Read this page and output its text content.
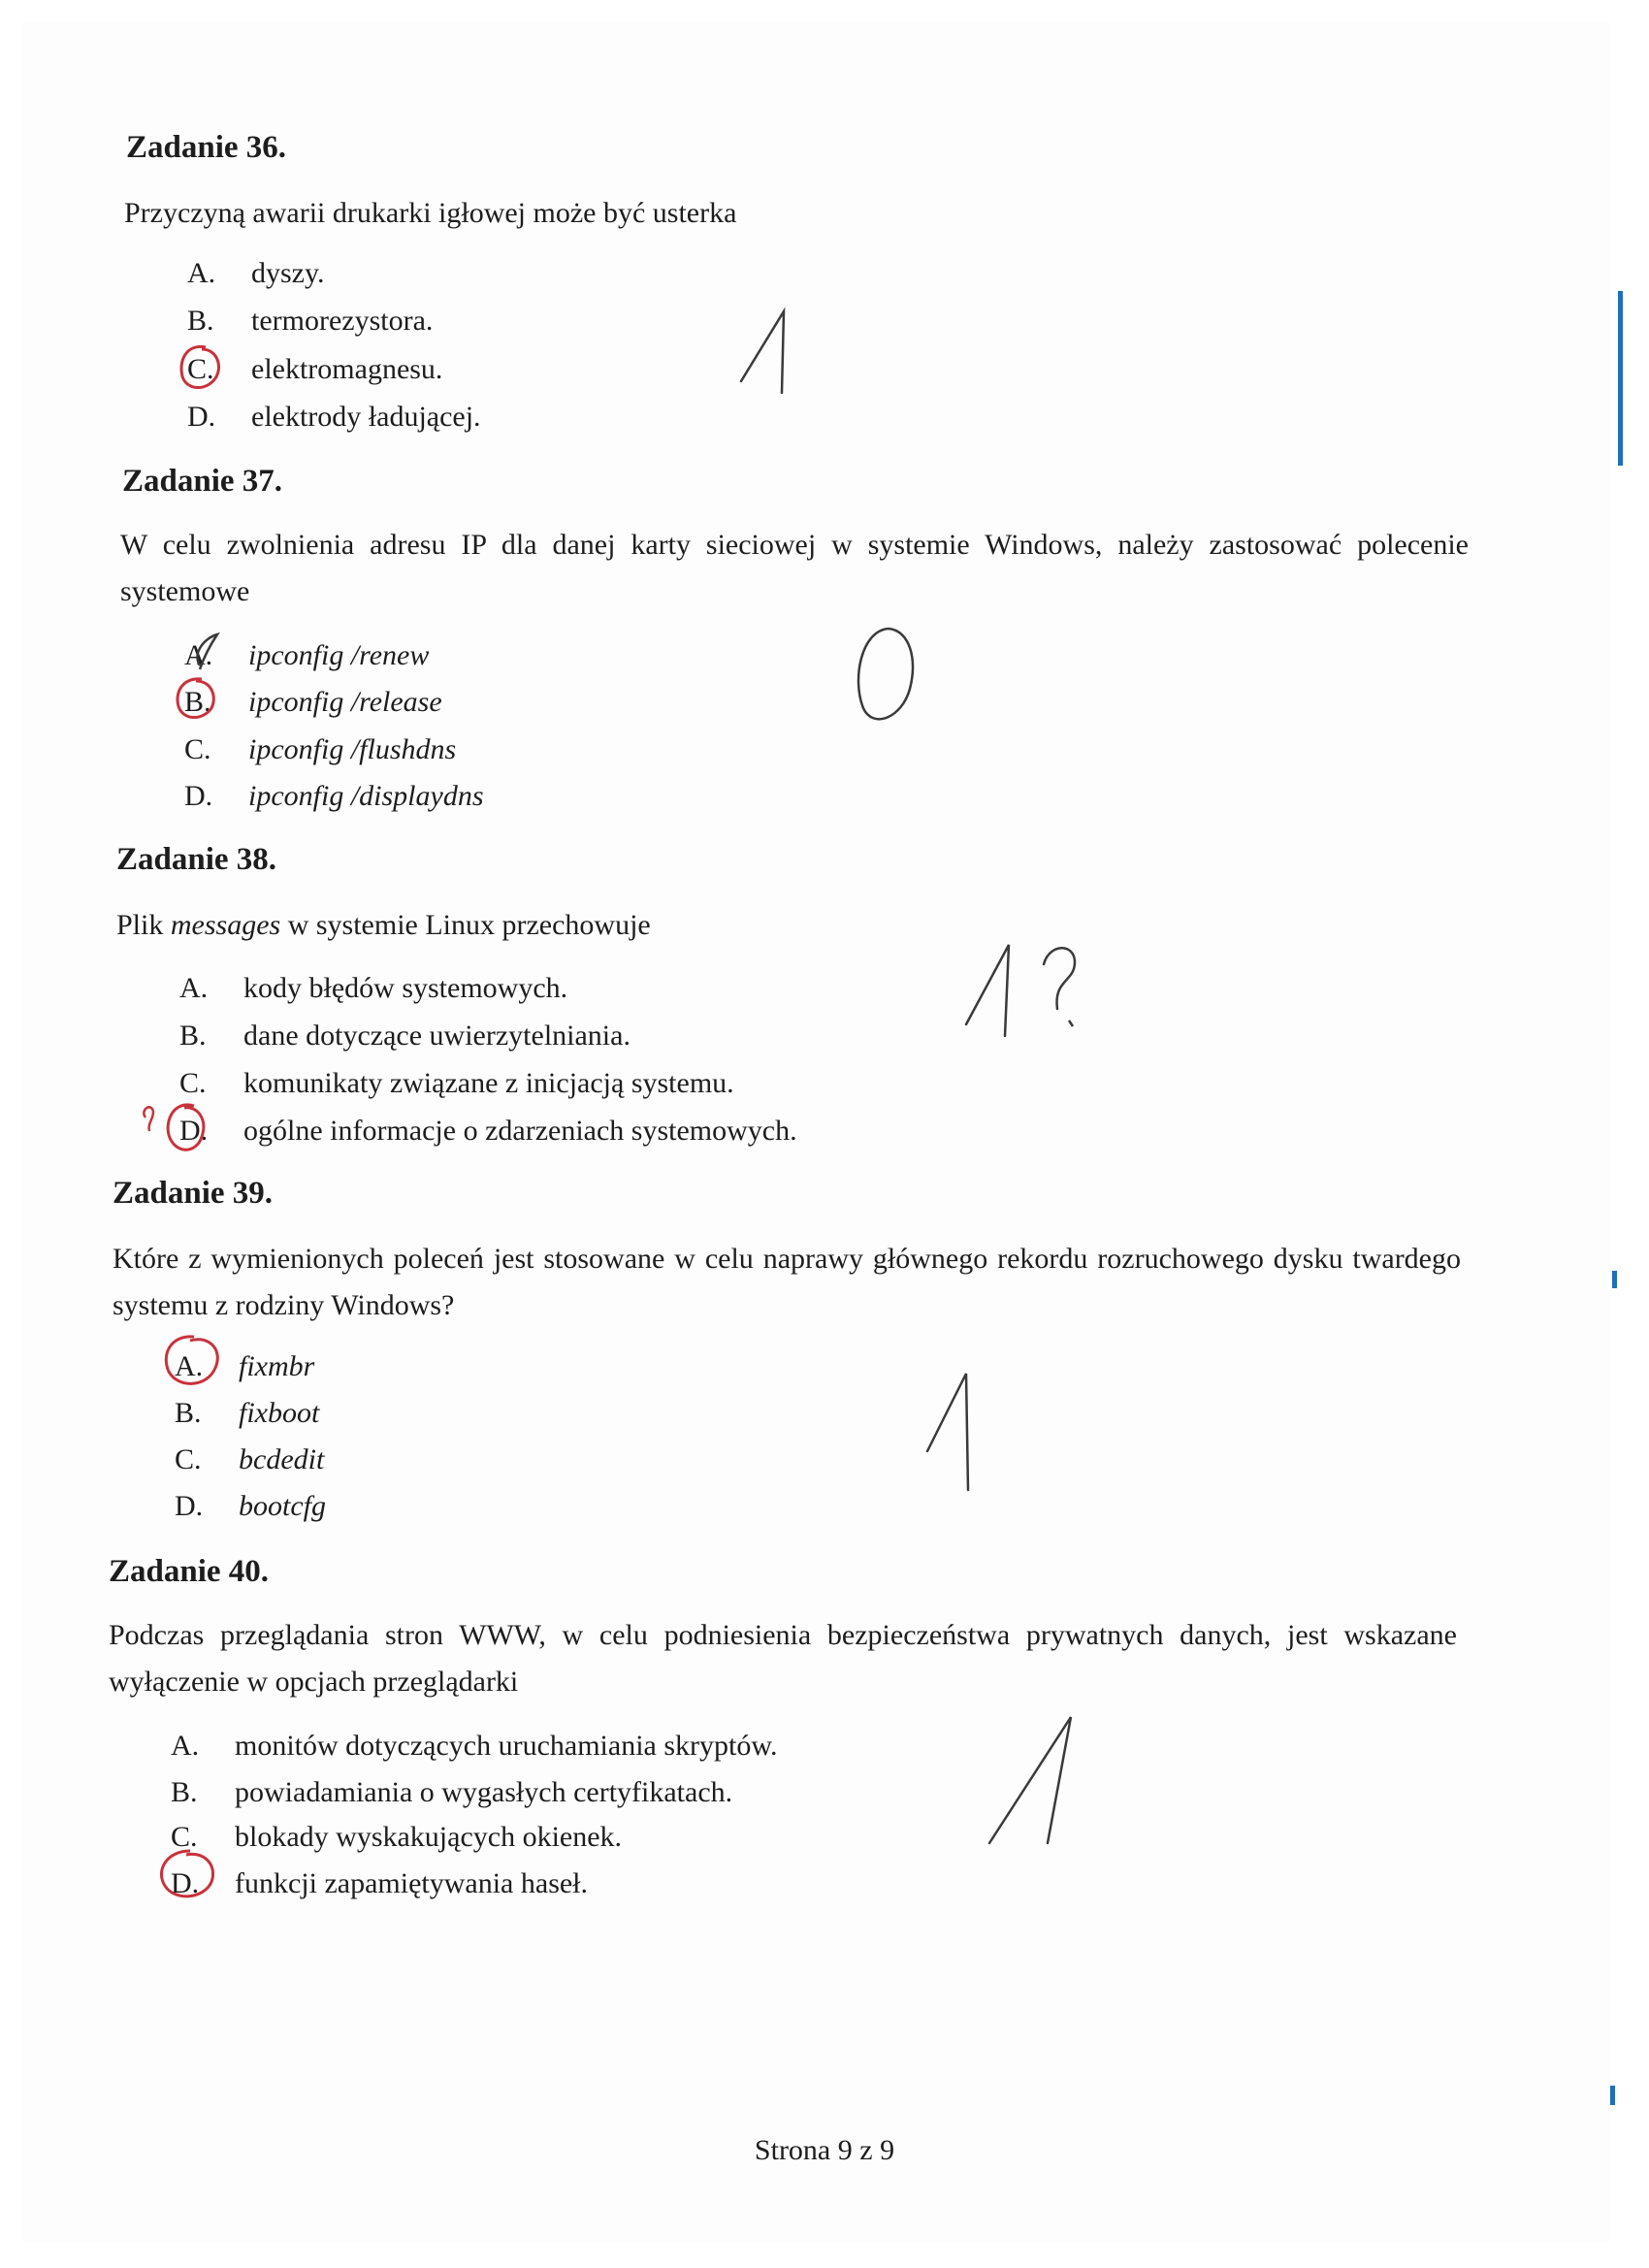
Zadanie 36.
Przyczyną awarii drukarki igłowej może być usterka
A.	dyszy.
B.	termorezystora.
C.	elektromagnesu.
D.	elektrody ładującej.
Zadanie 37.
W celu zwolnienia adresu IP dla danej karty sieciowej w systemie Windows, należy zastosować polecenie systemowe
A.	ipconfig /renew
B.	ipconfig /release
C.	ipconfig /flushdns
D.	ipconfig /displaydns
Zadanie 38.
Plik messages w systemie Linux przechowuje
A.	kody błędów systemowych.
B.	dane dotyczące uwierzytelniania.
C.	komunikaty związane z inicjacją systemu.
D.	ogólne informacje o zdarzeniach systemowych.
Zadanie 39.
Które z wymienionych poleceń jest stosowane w celu naprawy głównego rekordu rozruchowego dysku twardego systemu z rodziny Windows?
A.	fixmbr
B.	fixboot
C.	bcdedit
D.	bootcfg
Zadanie 40.
Podczas przeglądania stron WWW, w celu podniesienia bezpieczeństwa prywatnych danych, jest wskazane wyłączenie w opcjach przeglądarki
A.	monitów dotyczących uruchamiania skryptów.
B.	powiadamiania o wygasłych certyfikatach.
C.	blokady wyskakujących okienek.
D.	funkcji zapamiętywania haseł.
Strona 9 z 9
